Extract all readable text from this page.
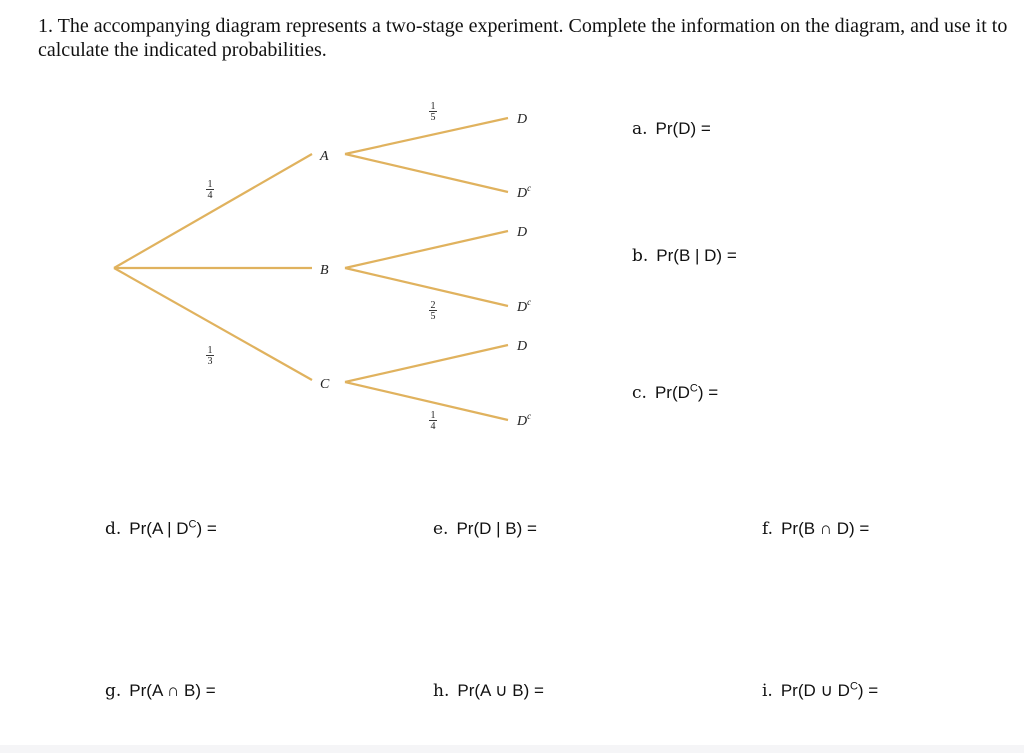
1. The accompanying diagram represents a two-stage experiment. Complete the information on the diagram, and use it to calculate the indicated probabilities.
A
1
4
D
1
5
$D^c$
B
D
$D^c$
2
5
C
1
3
D
$D^c$
1
4
a. Pr(D) =
b. Pr(B | D) =
c. $Pr(D^C)$ =
d. Pr(A | $D^C$) =	e. Pr(D | B) =	f. Pr(B ∩ D) =
g. Pr(A ∩ B) =	h. Pr(A ∪ B) =	i. Pr(D ∪ $D^C$) =
